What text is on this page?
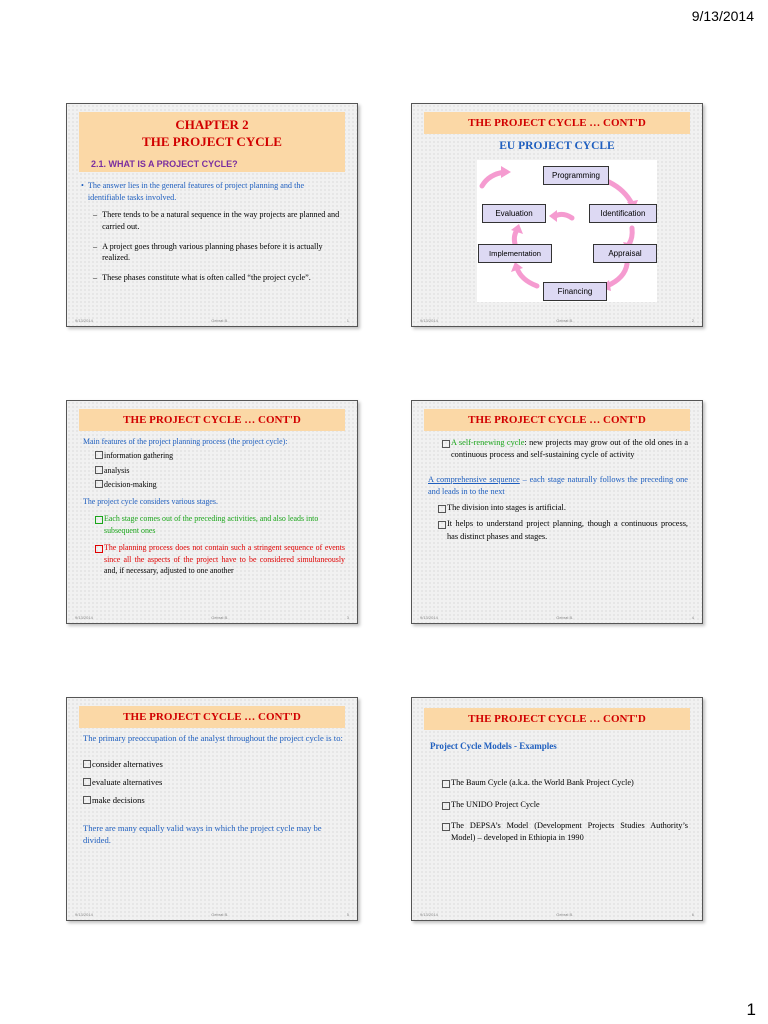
9/13/2014
CHAPTER 2
THE PROJECT CYCLE
2.1. WHAT IS A PROJECT CYCLE?
• The answer lies in the general features of project planning and the identifiable tasks involved.
– There tends to be a natural sequence in the way projects are planned and carried out.
– A project goes through various planning phases before it is actually realized.
– These phases constitute what is often called “the project cycle”.
9/13/2014	Gebrat B.	1
THE PROJECT CYCLE … CONT'D
EU PROJECT CYCLE
Programming
Identification
Appraisal
Financing
Implementation
Evaluation
9/13/2014	Gebrat B.	2
THE PROJECT CYCLE … CONT'D

Main features of the project planning process (the project cycle):

information gathering

analysis

decision-making

The project cycle considers various stages.

Each stage comes out of the preceding activities, and also leads into subsequent ones
The planning process does not contain such a stringent sequence of events since all the aspects of the project have to be considered simultaneously and, if necessary, adjusted to one another
9/13/2014	Gebrat B.	3
THE PROJECT CYCLE … CONT'D
A self-renewing cycle: new projects may grow out of the old ones in a continuous process and self-sustaining cycle of activity

A comprehensive sequence – each stage naturally follows the preceding one and leads in to the next

The division into stages is artificial.
It helps to understand project planning, though a continuous process, has distinct phases and stages.
9/13/2014	Gebrat B.	4
THE PROJECT CYCLE … CONT'D

The primary preoccupation of the analyst throughout the project cycle is to:

consider alternatives

evaluate alternatives

make decisions

There are many equally valid ways in which the project cycle may be divided.

9/13/2014	Gebrat B.	5
THE PROJECT CYCLE … CONT'D

Project Cycle Models - Examples

The Baum Cycle (a.k.a. the World Bank Project Cycle)
The UNIDO Project Cycle
The DEPSA’s Model (Development Projects Studies Authority’s Model) – developed in Ethiopia in 1990
9/13/2014	Gebrat B.	6
1
